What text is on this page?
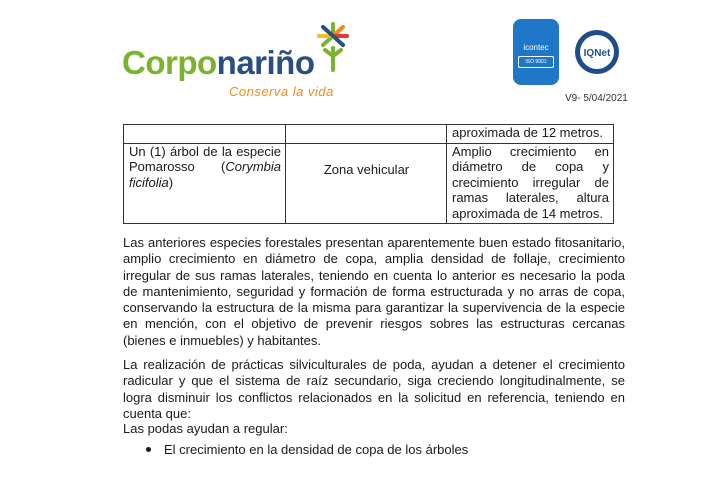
Corponariño
Conserva la vida
icontec
ISO 9001
IQNet
V9- 5/04/2021
		aproximada de 12 metros.
Un (1) árbol de la especie Pomarosso (Corymbia ficifolia)	Zona vehicular	Amplio crecimiento en diámetro de copa y crecimiento irregular de ramas laterales, altura aproximada de 14 metros.

Las anteriores especies forestales presentan aparentemente buen estado fitosanitario, amplio crecimiento en diámetro de copa, amplia densidad de follaje, crecimiento irregular de sus ramas laterales, teniendo en cuenta lo anterior es necesario la poda de mantenimiento, seguridad y formación de forma estructurada y no arras de copa, conservando la estructura de la misma para garantizar la supervivencia de la especie en mención, con el objetivo de prevenir riesgos sobres las estructuras cercanas (bienes e inmuebles) y habitantes.

La realización de prácticas silviculturales de poda, ayudan a detener el crecimiento radicular y que el sistema de raíz secundario, siga creciendo longitudinalmente, se logra disminuir los conflictos relacionados en la solicitud en referencia, teniendo en cuenta que:

Las podas ayudan a regular:

El crecimiento en la densidad de copa de los árboles
